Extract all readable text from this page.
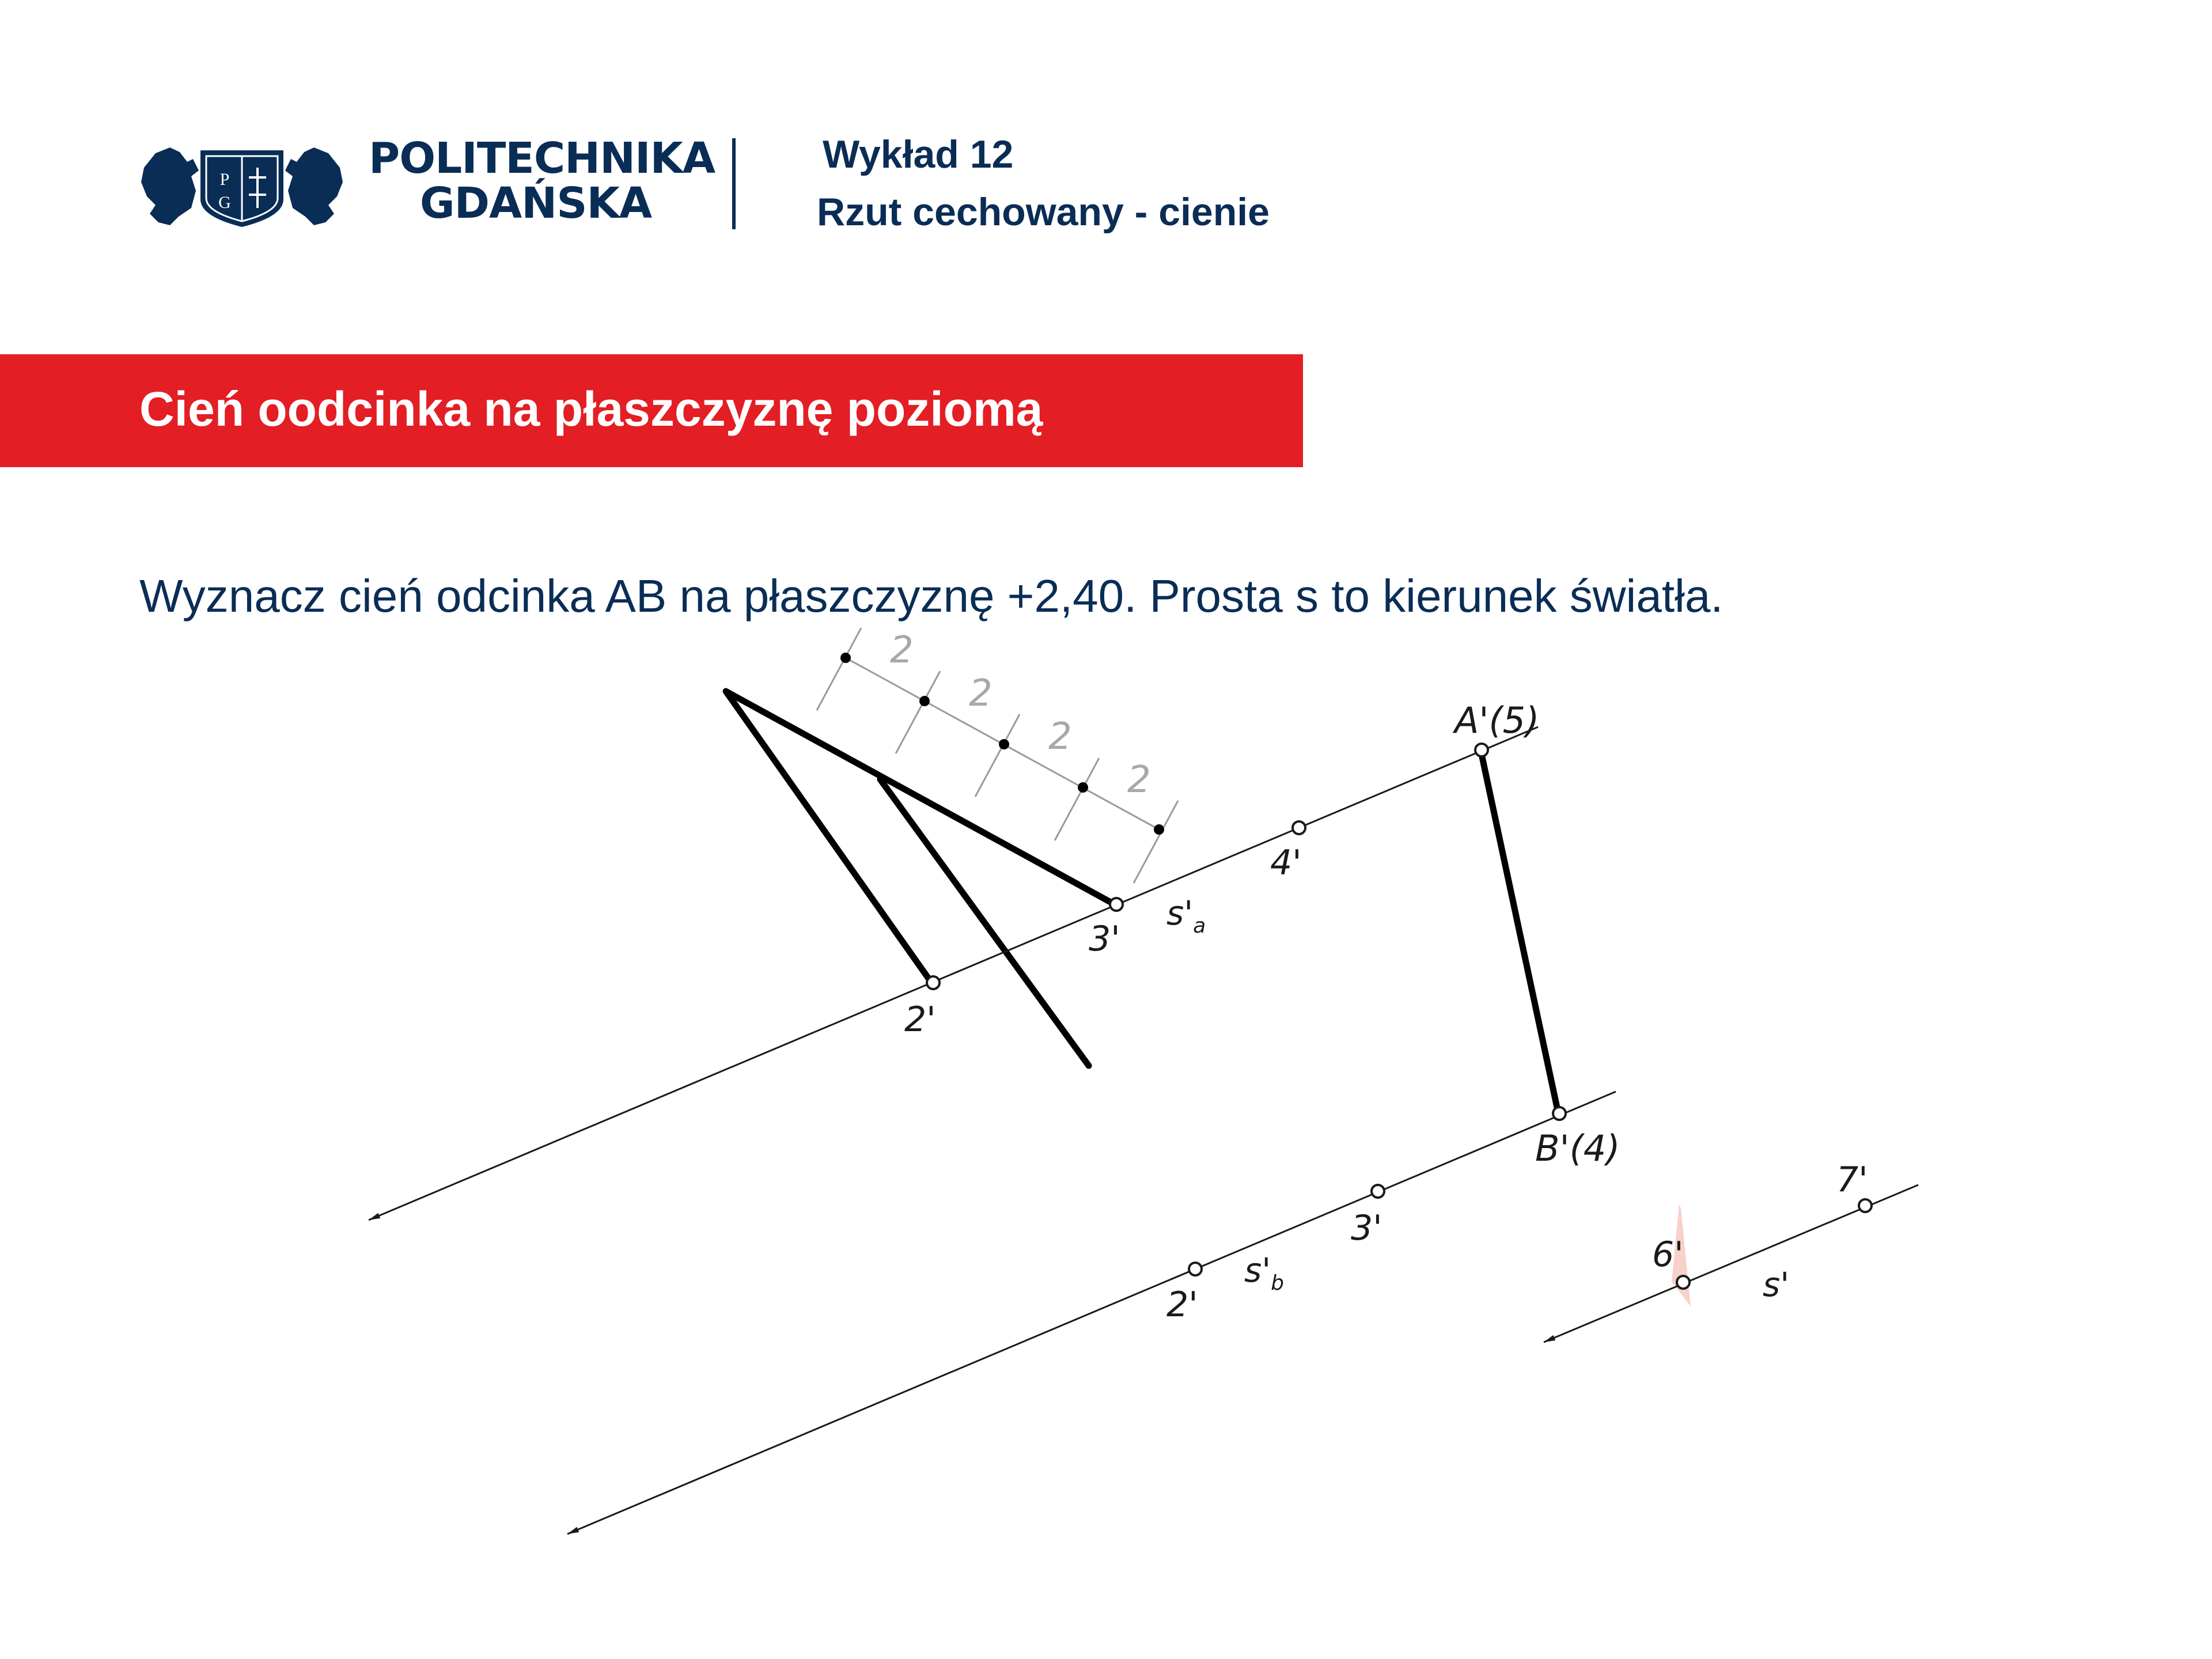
P
G
POLITECHNIKA
GDAŃSKA
Wykład 12
Rzut cechowany - cienie
Cień oodcinka na płaszczyznę poziomą
Wyznacz cień odcinka AB na płaszczyznę +2,40. Prosta s to kierunek światła.
2
2
2
2
2'
3'
4'
$s'_a$
A'(5)
B'(4)
3'
2'
$s'_b$
7'
6'
s'
